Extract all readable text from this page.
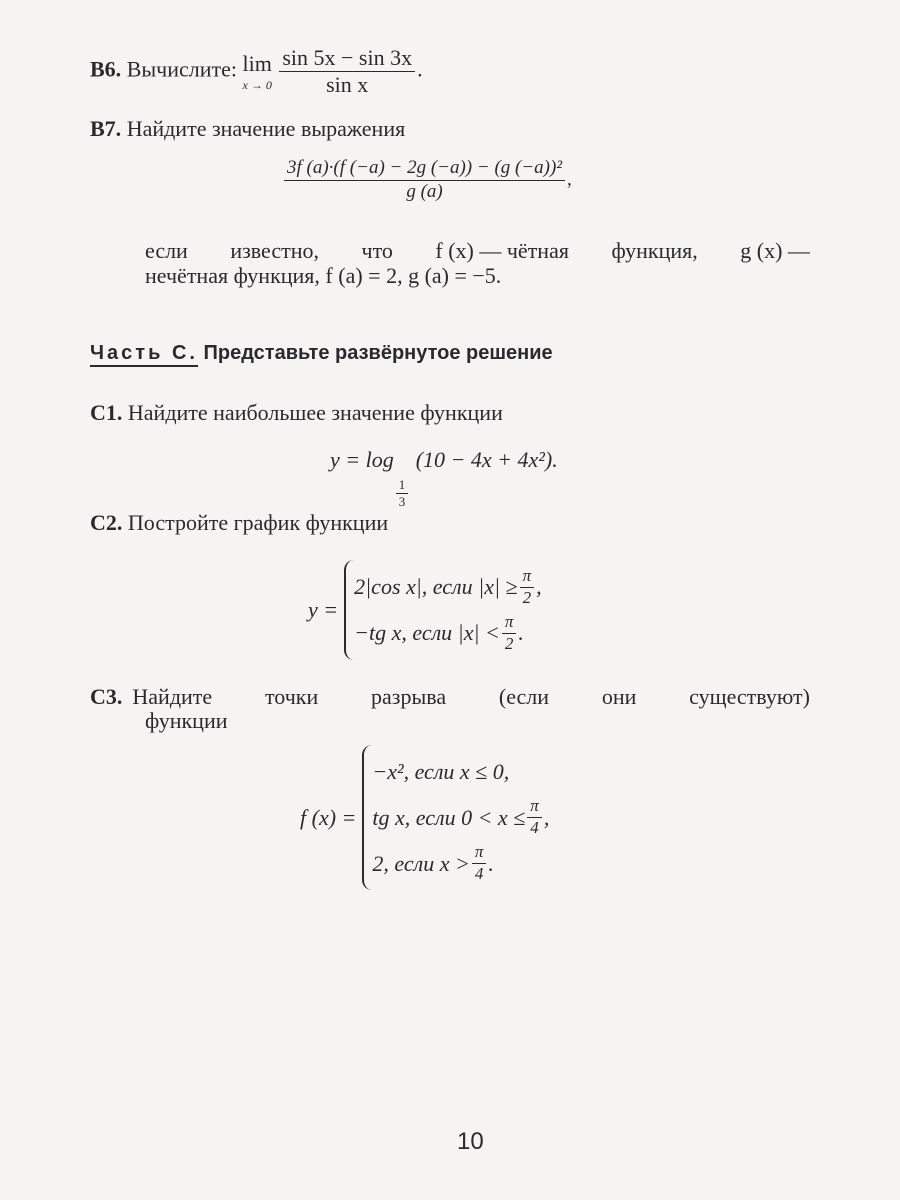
B6. Вычислите: lim
x → 0
$\frac{\sin 5x - \sin 3x}{\text{sin x}}$ .
B7. Найдите значение выражения
$\frac{\text{3f (a)·(f (−a) − 2g (−a)) − (g (−a))²}}{g (a)}$ ,
если известно, что f (x) — чётная функция, g (x) —
нечётная функция, f (a) = 2, g (a) = −5.
Часть С. Представьте развёрнутое решение
C1. Найдите наибольшее значение функции
y = log
$\frac{1}{3}$
(10 − 4x + 4x²).
C2. Постройте график функции
y =
2|cos x|, если $|x| \ge \frac{\pi}{2}$ ,
−tg x, если $|x| < \frac{\pi}{2}$ .
C3. Найдите точки разрыва (если они существуют)
функции
f (x) =
−x², если x ≤ 0,
tg x, если $0 < x \le \frac{\pi}{4}$ ,
2, если $x > \frac{\pi}{4}$ .
10
